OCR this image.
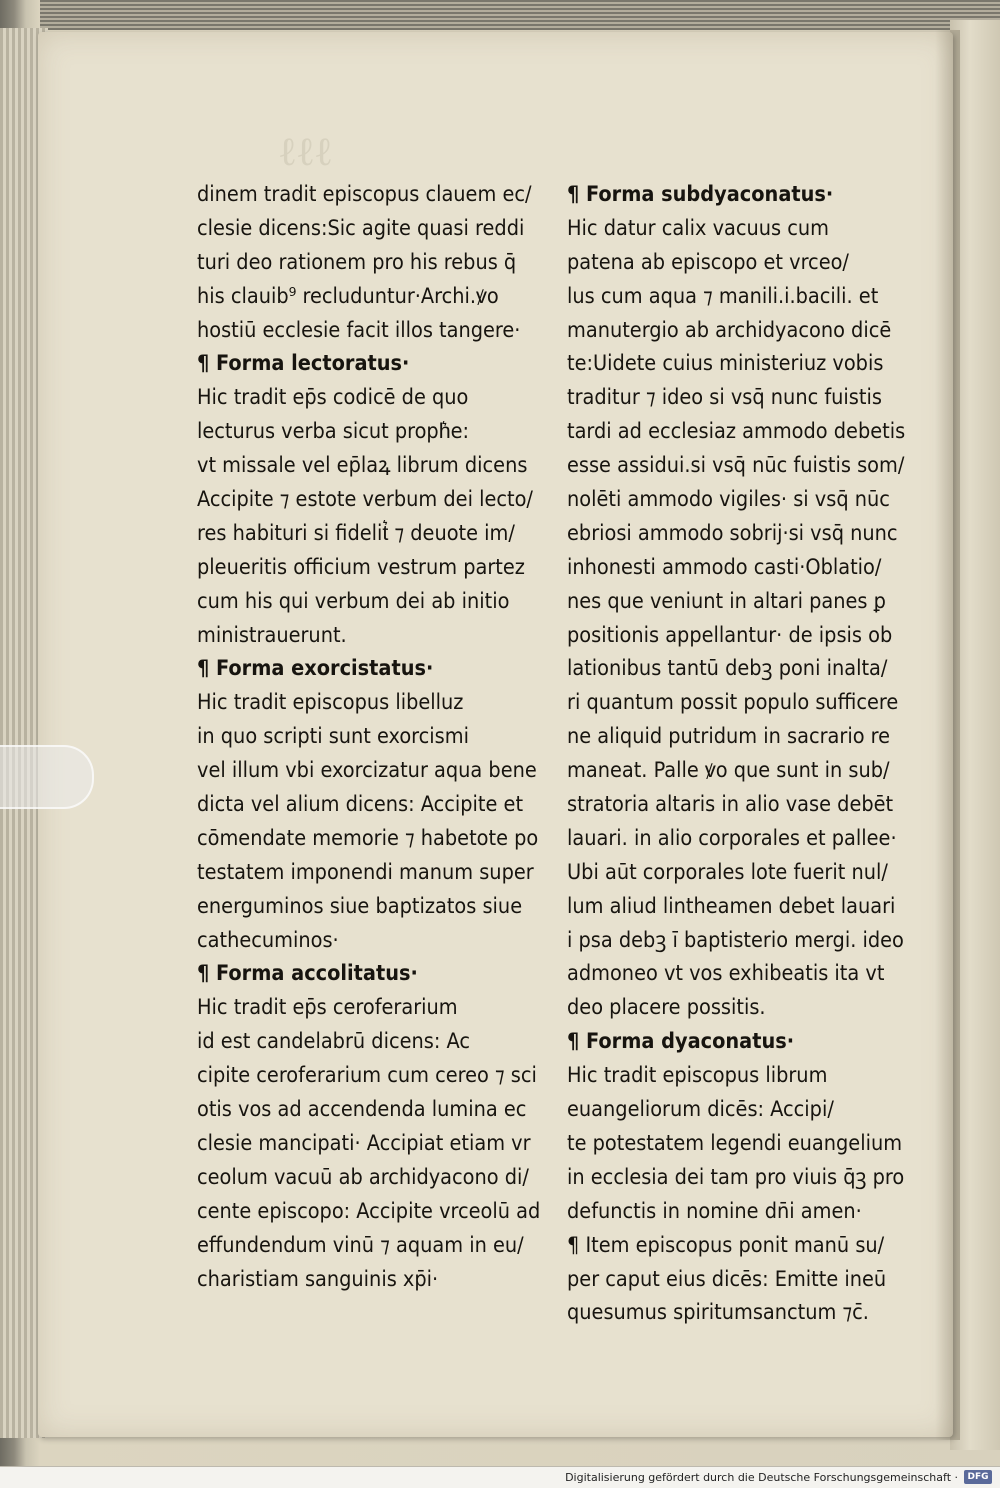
ℓℓℓ
dinem tradit episcopus clauem ec/
clesie dicens:Sic agite quasi reddi
turi deo rationem pro his rebus q̄
his clauib⁹ recluduntur·Archi.ꝟo
hostiū ecclesie facit illos tangere·
¶ Forma lectoratus·
Hic tradit ep̄s codicē de quo
lecturus verba sicut proph͛e:
vt missale vel ep̄laꝝ librum dicens
Accipite ⁊ estote verbum dei lecto/
res habituri si fidelit͛ ⁊ deuote im/
pleueritis officium vestrum partez
cum his qui verbum dei ab initio
ministrauerunt.
¶ Forma exorcistatus·
Hic tradit episcopus libelluz
in quo scripti sunt exorcismi
vel illum vbi exorcizatur aqua bene
dicta vel alium dicens: Accipite et
cōmendate memorie ⁊ habetote po
testatem imponendi manum super
energuminos siue baptizatos siue
cathecuminos·
¶ Forma accolitatus·
Hic tradit ep̄s ceroferarium
id est candelabrū dicens: Ac
cipite ceroferarium cum cereo ⁊ sci
otis vos ad accendenda lumina ec
clesie mancipati· Accipiat etiam vr
ceolum vacuū ab archidyacono di/
cente episcopo: Accipite vrceolū ad
effundendum vinū ⁊ aquam in eu/
charistiam sanguinis xp̄i·
¶ Forma subdyaconatus·
Hic datur calix vacuus cum
patena ab episcopo et vrceo/
lus cum aqua ⁊ manili.i.bacili. et
manutergio ab archidyacono dicē
te:Uidete cuius ministeriuz vobis
traditur ⁊ ideo si vsq̄ nunc fuistis
tardi ad ecclesiaz ammodo debetis
esse assidui.si vsq̄ nūc fuistis som/
nolēti ammodo vigiles· si vsq̄ nūc
ebriosi ammodo sobrij·si vsq̄ nunc
inhonesti ammodo casti·Oblatio/
nes que veniunt in altari panes ꝑ
positionis appellantur· de ipsis ob
lationibus tantū debꝫ poni inalta/
ri quantum possit populo sufficere
ne aliquid putridum in sacrario re
maneat. Palle ꝟo que sunt in sub/
stratoria altaris in alio vase debēt
lauari. in alio corporales et pallee·
Ubi aūt corporales lote fuerit nul/
lum aliud lintheamen debet lauari
i psa debꝫ ī baptisterio mergi. ideo
admoneo vt vos exhibeatis ita vt
deo placere possitis.
¶ Forma dyaconatus·
Hic tradit episcopus librum
euangeliorum dicēs: Accipi/
te potestatem legendi euangelium
in ecclesia dei tam pro viuis q̄ꝫ pro
defunctis in nomine dn̄i amen·
¶ Item episcopus ponit manū su/
per caput eius dicēs: Emitte ineū
quesumus spiritumsanctum ⁊c̄.
Digitalisierung gefördert durch die Deutsche Forschungsgemeinschaft ·	DFG
